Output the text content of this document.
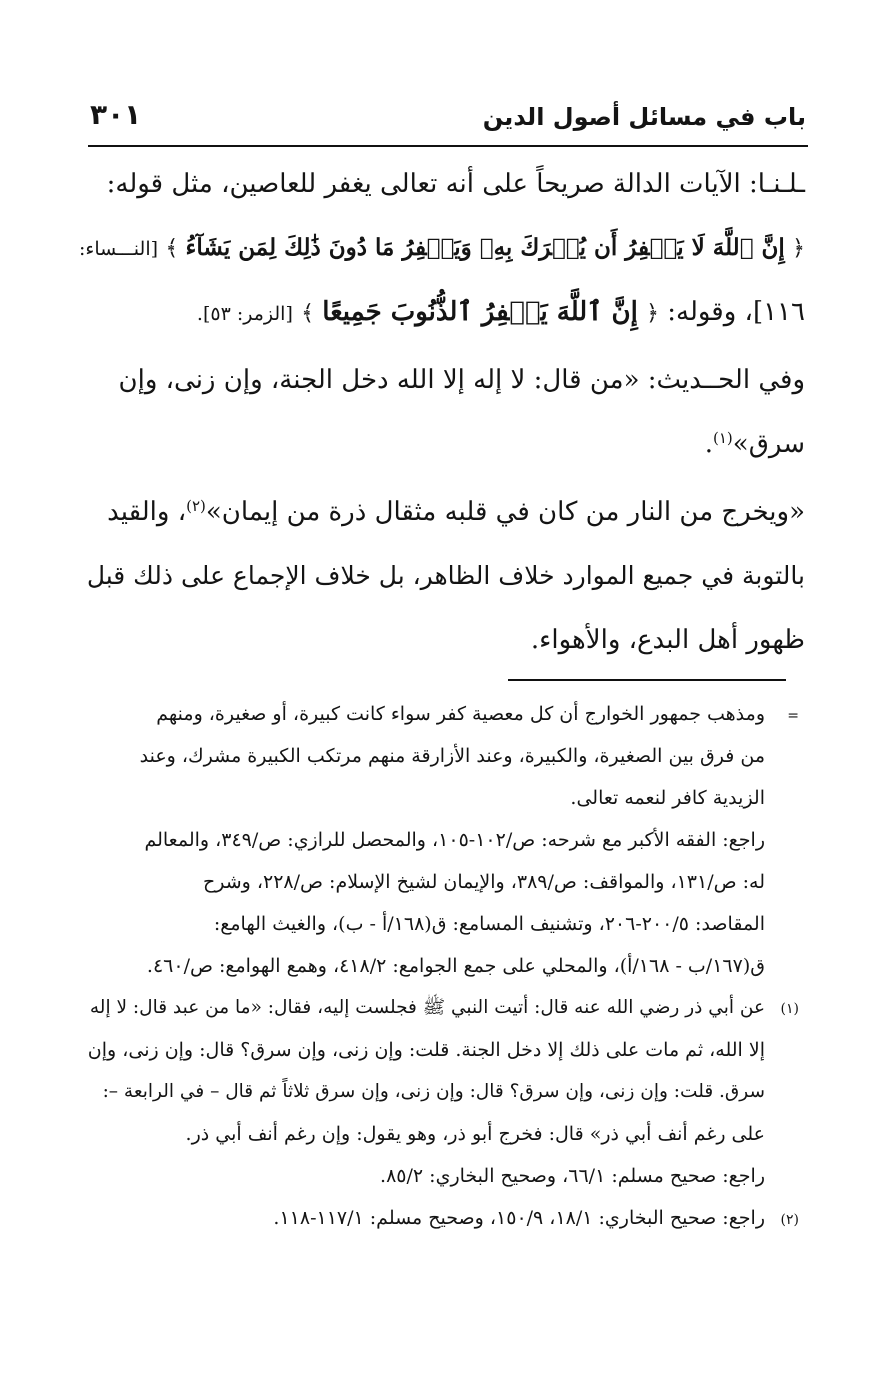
باب في مسائل أصول الدين
٣٠١
ـلـنـا: الآيات الدالة صريحاً على أنه تعالى يغفر للعاصين، مثل قوله:
﴿ إِنَّ ٱللَّهَ لَا يَغۡفِرُ أَن يُشۡرَكَ بِهِۦ وَيَغۡفِرُ مَا دُونَ ذَٰلِكَ لِمَن يَشَآءُ ﴾ [النـــساء:
١١٦]، وقوله: ﴿ إِنَّ ٱللَّهَ يَغۡفِرُ ٱلذُّنُوبَ جَمِيعًا ﴾ [الزمر: ٥٣].
وفي الحــديث: «من قال: لا إله إلا الله دخل الجنة، وإن زنى، وإن
سرق»$^{(١)}$.
«ويخرج من النار من كان في قلبه مثقال ذرة من إيمان»$^{(٢)}$، والقيد
بالتوبة في جميع الموارد خلاف الظاهر، بل خلاف الإجماع على ذلك قبل
ظهور أهل البدع، والأهواء.
=ومذهب جمهور الخوارج أن كل معصية كفر سواء كانت كبيرة، أو صغيرة، ومنهم
من فرق بين الصغيرة، والكبيرة، وعند الأزارقة منهم مرتكب الكبيرة مشرك، وعند
الزيدية كافر لنعمه تعالى.
راجع: الفقه الأكبر مع شرحه: ص/١٠٢-١٠٥، والمحصل للرازي: ص/٣٤٩، والمعالم
له: ص/١٣١، والمواقف: ص/٣٨٩، والإيمان لشيخ الإسلام: ص/٢٢٨، وشرح
المقاصد: ٢٠٠/٥-٢٠٦، وتشنيف المسامع: ق(١٦٨/أ - ب)، والغيث الهامع:
ق(١٦٧/ب - ١٦٨/أ)، والمحلي على جمع الجوامع: ٤١٨/٢، وهمع الهوامع: ص/٤٦٠.
(١)عن أبي ذر رضي الله عنه قال: أتيت النبي ﷺ فجلست إليه، فقال: «ما من عبد قال: لا إله
إلا الله، ثم مات على ذلك إلا دخل الجنة. قلت: وإن زنى، وإن سرق؟ قال: وإن زنى، وإن
سرق. قلت: وإن زنى، وإن سرق؟ قال: وإن زنى، وإن سرق ثلاثاً ثم قال – في الرابعة –:
على رغم أنف أبي ذر» قال: فخرج أبو ذر، وهو يقول: وإن رغم أنف أبي ذر.
راجع: صحيح مسلم: ٦٦/١، وصحيح البخاري: ٨٥/٢.
(٢)راجع: صحيح البخاري: ١٨/١، ١٥٠/٩، وصحيح مسلم: ١١٧/١-١١٨.
